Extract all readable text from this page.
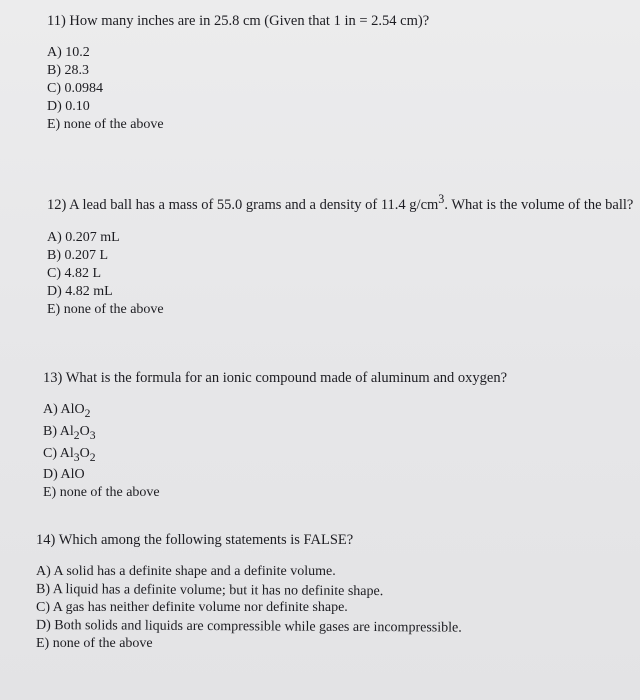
11) How many inches are in 25.8 cm (Given that 1 in = 2.54 cm)?

A) 10.2
B) 28.3
C) 0.0984
D) 0.10
E) none of the above

12) A lead ball has a mass of 55.0 grams and a density of 11.4 $g/cm^3$. What is the volume of the ball?

A) 0.207 mL
B) 0.207 L
C) 4.82 L
D) 4.82 mL
E) none of the above

13) What is the formula for an ionic compound made of aluminum and oxygen?

A) AlO$_2$
B) $Al_2O_3$
C) $Al_3O_2$
D) AlO
E) none of the above

14) Which among the following statements is FALSE?

A) A solid has a definite shape and a definite volume.
B) A liquid has a definite volume; but it has no definite shape.
C) A gas has neither definite volume nor definite shape.
D) Both solids and liquids are compressible while gases are incompressible.
E) none of the above
